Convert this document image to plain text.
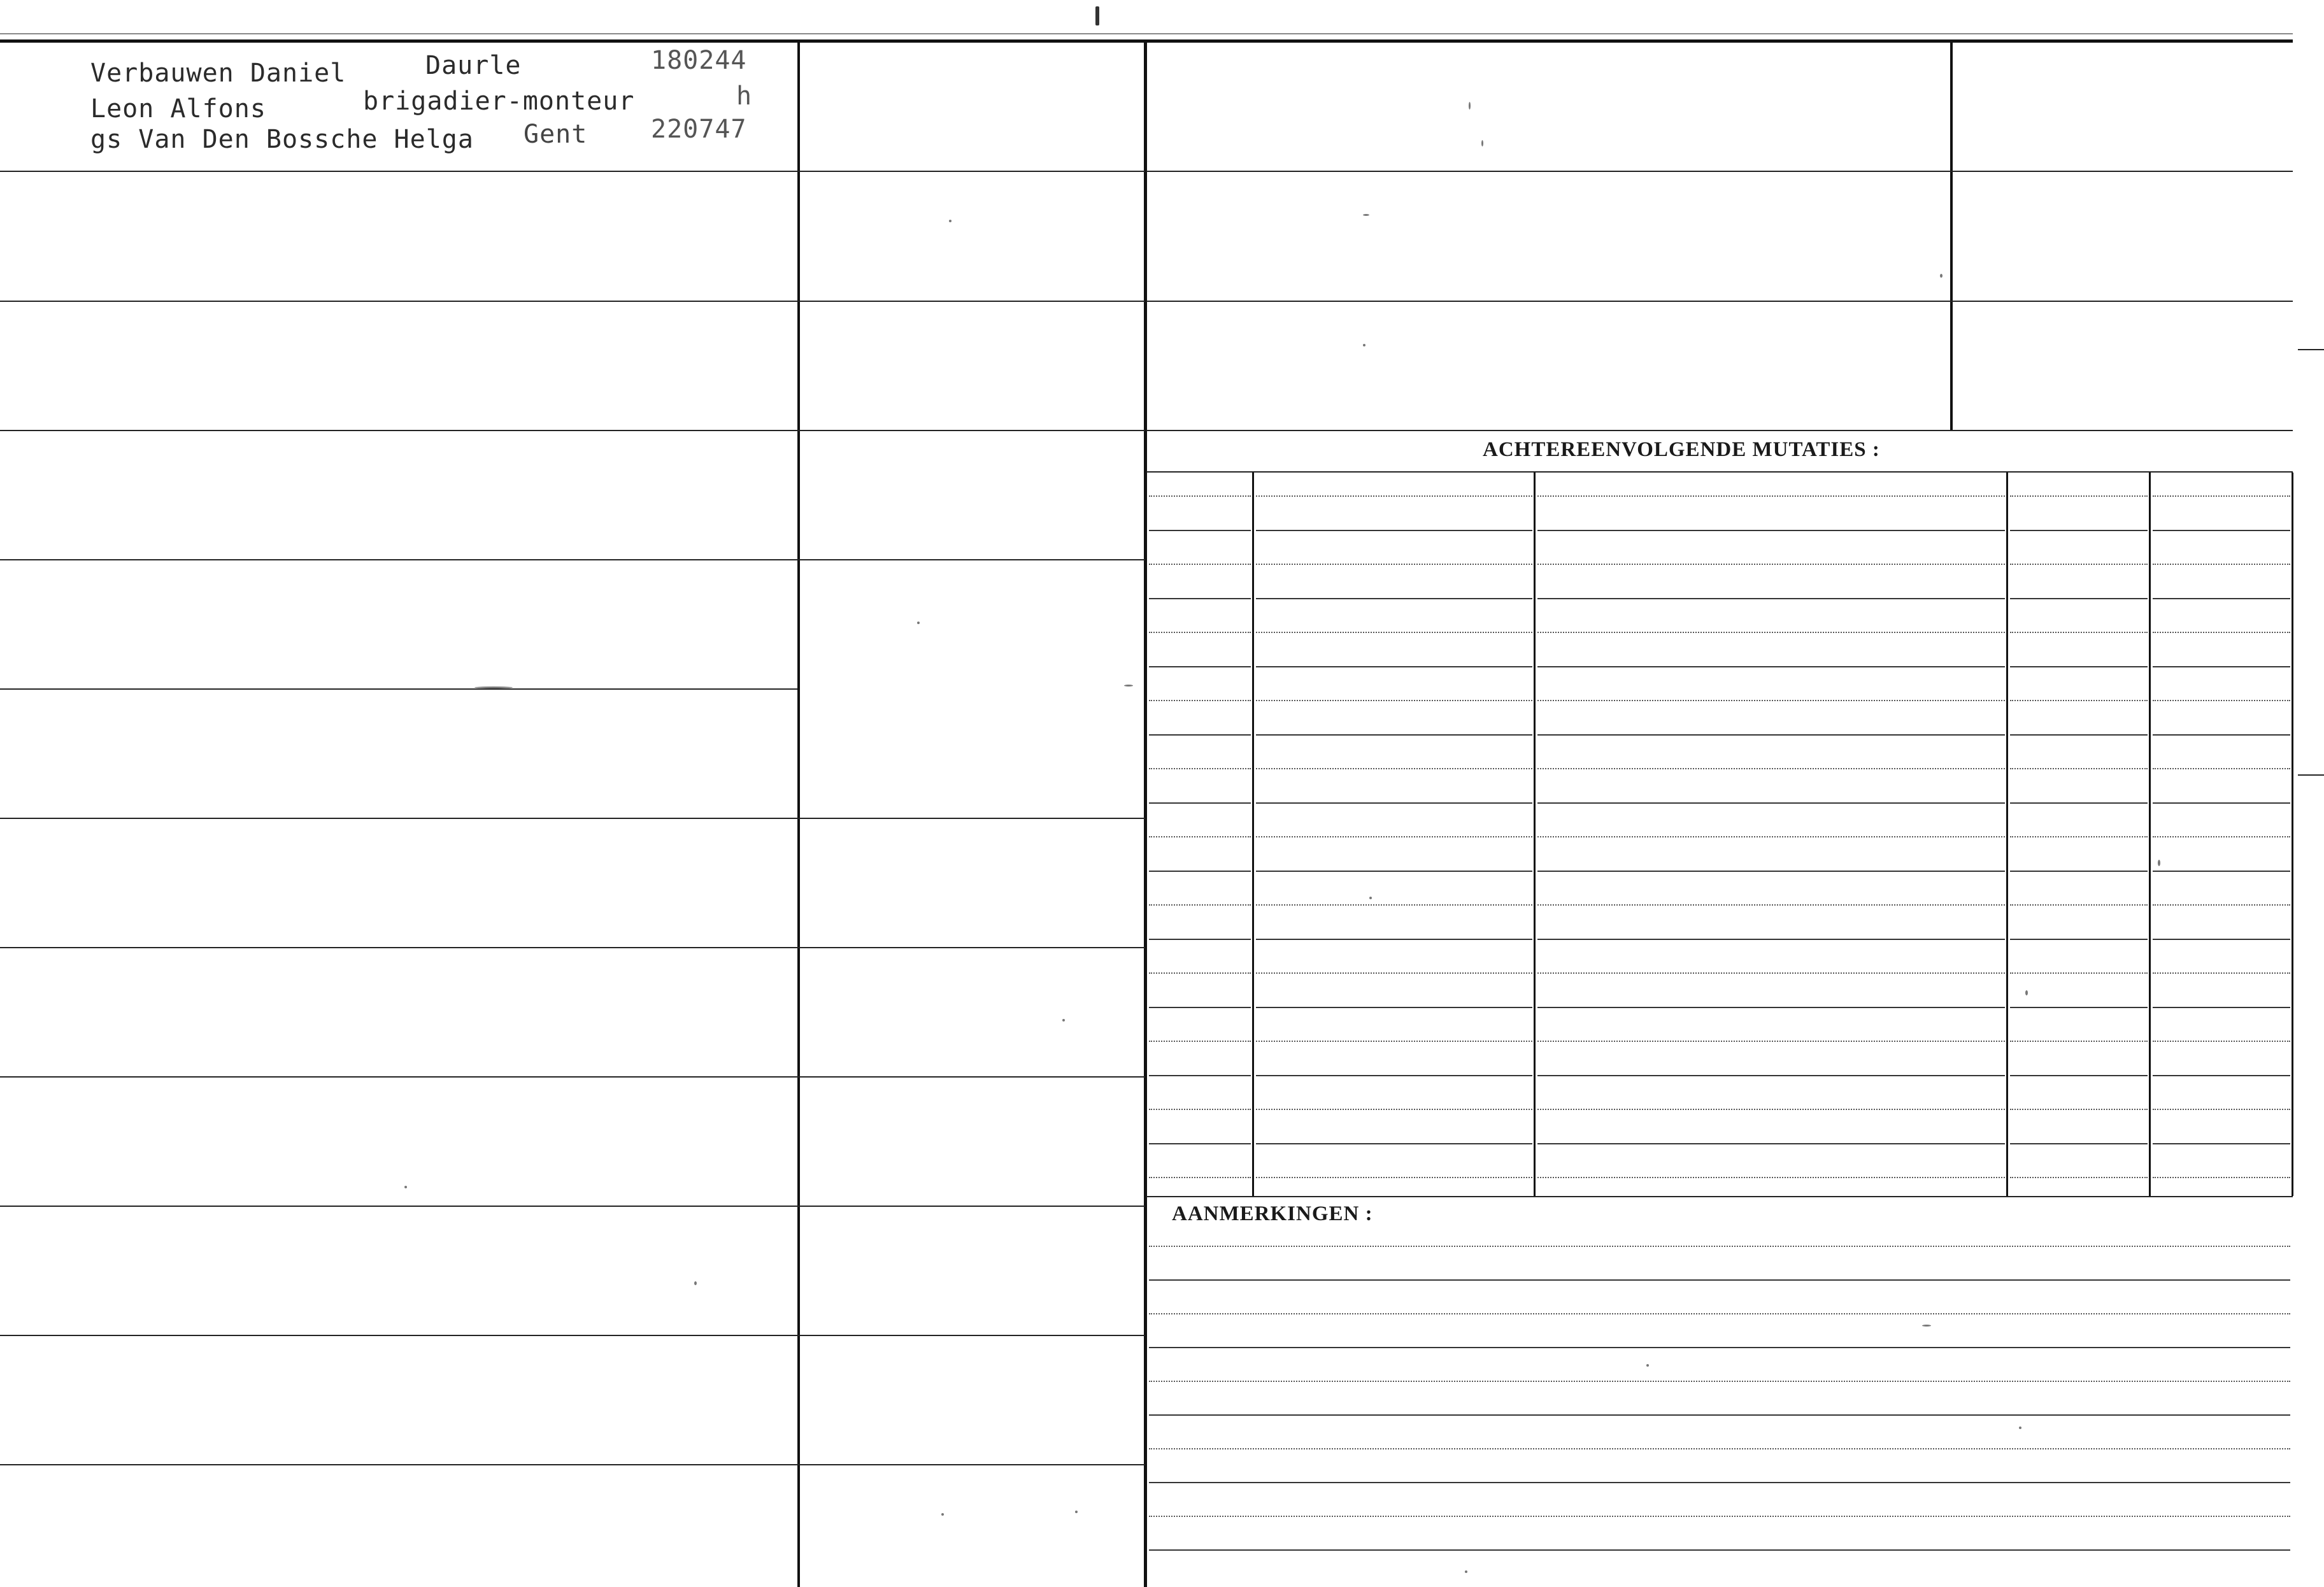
ACHTEREENVOLGENDE MUTATIES :
AANMERKINGEN :
Verbauwen Daniel	Daurle	180244
Leon Alfons	brigadier-monteur	h
gs Van Den Bossche Helga Gent 220747
